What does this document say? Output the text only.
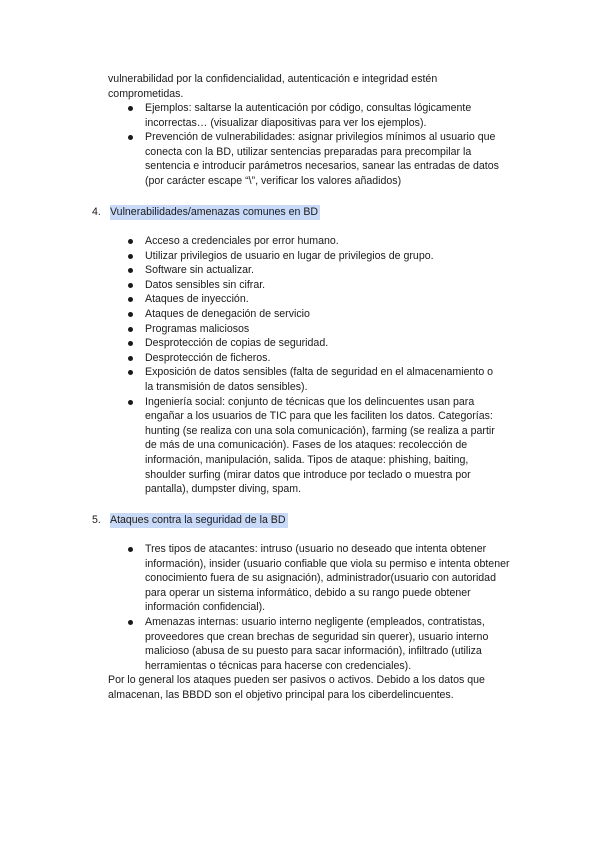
vulnerabilidad por la confidencialidad, autenticación e integridad estén

comprometidas.

Ejemplos: saltarse la autenticación por código, consultas lógicamente incorrectas… (visualizar diapositivas para ver los ejemplos).
Prevención de vulnerabilidades: asignar privilegios mínimos al usuario que conecta con la BD, utilizar sentencias preparadas para precompilar la sentencia e introducir parámetros necesarios, sanear las entradas de datos (por carácter escape “\”, verificar los valores añadidos)
4. Vulnerabilidades/amenazas comunes en BD
Acceso a credenciales por error humano.
Utilizar privilegios de usuario en lugar de privilegios de grupo.
Software sin actualizar.
Datos sensibles sin cifrar.
Ataques de inyección.
Ataques de denegación de servicio
Programas maliciosos
Desprotección de copias de seguridad.
Desprotección de ficheros.
Exposición de datos sensibles (falta de seguridad en el almacenamiento o la transmisión de datos sensibles).
Ingeniería social: conjunto de técnicas que los delincuentes usan para engañar a los usuarios de TIC para que les faciliten los datos. Categorías: hunting (se realiza con una sola comunicación), farming (se realiza a partir de más de una comunicación). Fases de los ataques: recolección de información, manipulación, salida. Tipos de ataque: phishing, baiting, shoulder surfing (mirar datos que introduce por teclado o muestra por pantalla), dumpster diving, spam.
5. Ataques contra la seguridad de la BD
Tres tipos de atacantes: intruso (usuario no deseado que intenta obtener información), insider (usuario confiable que viola su permiso e intenta obtener conocimiento fuera de su asignación), administrador(usuario con autoridad para operar un sistema informático, debido a su rango puede obtener información confidencial).
Amenazas internas: usuario interno negligente (empleados, contratistas, proveedores que crean brechas de seguridad sin querer), usuario interno malicioso (abusa de su puesto para sacar información), infiltrado (utiliza herramientas o técnicas para hacerse con credenciales).

Por lo general los ataques pueden ser pasivos o activos. Debido a los datos que almacenan, las BBDD son el objetivo principal para los ciberdelincuentes.
